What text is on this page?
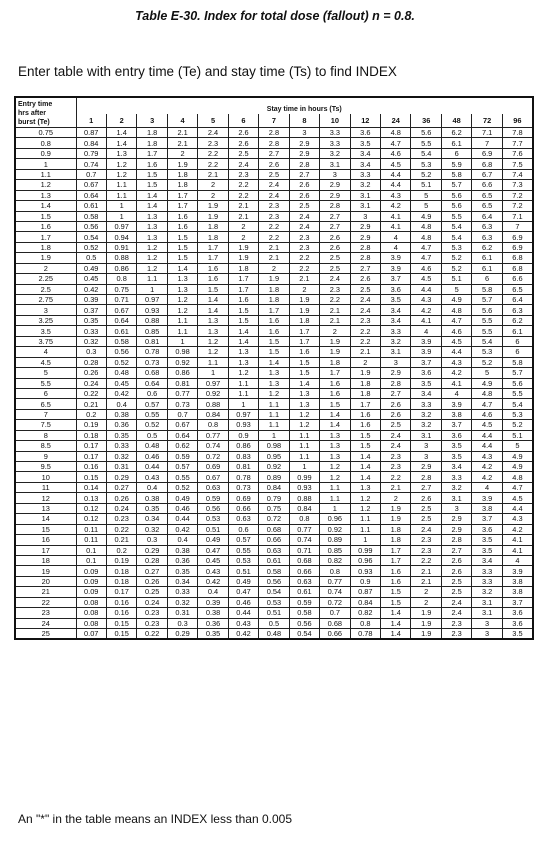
Table E-30. Index for total dose (fallout) n = 0.8.
Enter table with entry time (Te) and stay time (Ts) to find INDEX
Entry time
hrs after
burst (Te)	Stay time in hours (Ts)														
	1	2	3	4	5	6	7	8	10	12	24	36	48	72	96
0.75	0.87	1.4	1.8	2.1	2.4	2.6	2.8	3	3.3	3.6	4.8	5.6	6.2	7.1	7.8
0.8	0.84	1.4	1.8	2.1	2.3	2.6	2.8	2.9	3.3	3.5	4.7	5.5	6.1	7	7.7
0.9	0.79	1.3	1.7	2	2.2	2.5	2.7	2.9	3.2	3.4	4.6	5.4	6	6.9	7.6
1	0.74	1.2	1.6	1.9	2.2	2.4	2.6	2.8	3.1	3.4	4.5	5.3	5.9	6.8	7.5
1.1	0.7	1.2	1.5	1.8	2.1	2.3	2.5	2.7	3	3.3	4.4	5.2	5.8	6.7	7.4
1.2	0.67	1.1	1.5	1.8	2	2.2	2.4	2.6	2.9	3.2	4.4	5.1	5.7	6.6	7.3
1.3	0.64	1.1	1.4	1.7	2	2.2	2.4	2.6	2.9	3.1	4.3	5	5.6	6.5	7.2
1.4	0.61	1	1.4	1.7	1.9	2.1	2.3	2.5	2.8	3.1	4.2	5	5.6	6.5	7.2
1.5	0.58	1	1.3	1.6	1.9	2.1	2.3	2.4	2.7	3	4.1	4.9	5.5	6.4	7.1
1.6	0.56	0.97	1.3	1.6	1.8	2	2.2	2.4	2.7	2.9	4.1	4.8	5.4	6.3	7
1.7	0.54	0.94	1.3	1.5	1.8	2	2.2	2.3	2.6	2.9	4	4.8	5.4	6.3	6.9
1.8	0.52	0.91	1.2	1.5	1.7	1.9	2.1	2.3	2.6	2.8	4	4.7	5.3	6.2	6.9
1.9	0.5	0.88	1.2	1.5	1.7	1.9	2.1	2.2	2.5	2.8	3.9	4.7	5.2	6.1	6.8
2	0.49	0.86	1.2	1.4	1.6	1.8	2	2.2	2.5	2.7	3.9	4.6	5.2	6.1	6.8
2.25	0.45	0.8	1.1	1.3	1.6	1.7	1.9	2.1	2.4	2.6	3.7	4.5	5.1	6	6.6
2.5	0.42	0.75	1	1.3	1.5	1.7	1.8	2	2.3	2.5	3.6	4.4	5	5.8	6.5
2.75	0.39	0.71	0.97	1.2	1.4	1.6	1.8	1.9	2.2	2.4	3.5	4.3	4.9	5.7	6.4
3	0.37	0.67	0.93	1.2	1.4	1.5	1.7	1.9	2.1	2.4	3.4	4.2	4.8	5.6	6.3
3.25	0.35	0.64	0.88	1.1	1.3	1.5	1.6	1.8	2.1	2.3	3.4	4.1	4.7	5.5	6.2
3.5	0.33	0.61	0.85	1.1	1.3	1.4	1.6	1.7	2	2.2	3.3	4	4.6	5.5	6.1
3.75	0.32	0.58	0.81	1	1.2	1.4	1.5	1.7	1.9	2.2	3.2	3.9	4.5	5.4	6
4	0.3	0.56	0.78	0.98	1.2	1.3	1.5	1.6	1.9	2.1	3.1	3.9	4.4	5.3	6
4.5	0.28	0.52	0.73	0.92	1.1	1.3	1.4	1.5	1.8	2	3	3.7	4.3	5.2	5.8
5	0.26	0.48	0.68	0.86	1	1.2	1.3	1.5	1.7	1.9	2.9	3.6	4.2	5	5.7
5.5	0.24	0.45	0.64	0.81	0.97	1.1	1.3	1.4	1.6	1.8	2.8	3.5	4.1	4.9	5.6
6	0.22	0.42	0.6	0.77	0.92	1.1	1.2	1.3	1.6	1.8	2.7	3.4	4	4.8	5.5
6.5	0.21	0.4	0.57	0.73	0.88	1	1.1	1.3	1.5	1.7	2.6	3.3	3.9	4.7	5.4
7	0.2	0.38	0.55	0.7	0.84	0.97	1.1	1.2	1.4	1.6	2.6	3.2	3.8	4.6	5.3
7.5	0.19	0.36	0.52	0.67	0.8	0.93	1.1	1.2	1.4	1.6	2.5	3.2	3.7	4.5	5.2
8	0.18	0.35	0.5	0.64	0.77	0.9	1	1.1	1.3	1.5	2.4	3.1	3.6	4.4	5.1
8.5	0.17	0.33	0.48	0.62	0.74	0.86	0.98	1.1	1.3	1.5	2.4	3	3.5	4.4	5
9	0.17	0.32	0.46	0.59	0.72	0.83	0.95	1.1	1.3	1.4	2.3	3	3.5	4.3	4.9
9.5	0.16	0.31	0.44	0.57	0.69	0.81	0.92	1	1.2	1.4	2.3	2.9	3.4	4.2	4.9
10	0.15	0.29	0.43	0.55	0.67	0.78	0.89	0.99	1.2	1.4	2.2	2.8	3.3	4.2	4.8
11	0.14	0.27	0.4	0.52	0.63	0.73	0.84	0.93	1.1	1.3	2.1	2.7	3.2	4	4.7
12	0.13	0.26	0.38	0.49	0.59	0.69	0.79	0.88	1.1	1.2	2	2.6	3.1	3.9	4.5
13	0.12	0.24	0.35	0.46	0.56	0.66	0.75	0.84	1	1.2	1.9	2.5	3	3.8	4.4
14	0.12	0.23	0.34	0.44	0.53	0.63	0.72	0.8	0.96	1.1	1.9	2.5	2.9	3.7	4.3
15	0.11	0.22	0.32	0.42	0.51	0.6	0.68	0.77	0.92	1.1	1.8	2.4	2.9	3.6	4.2
16	0.11	0.21	0.3	0.4	0.49	0.57	0.66	0.74	0.89	1	1.8	2.3	2.8	3.5	4.1
17	0.1	0.2	0.29	0.38	0.47	0.55	0.63	0.71	0.85	0.99	1.7	2.3	2.7	3.5	4.1
18	0.1	0.19	0.28	0.36	0.45	0.53	0.61	0.68	0.82	0.96	1.7	2.2	2.6	3.4	4
19	0.09	0.18	0.27	0.35	0.43	0.51	0.58	0.66	0.8	0.93	1.6	2.1	2.6	3.3	3.9
20	0.09	0.18	0.26	0.34	0.42	0.49	0.56	0.63	0.77	0.9	1.6	2.1	2.5	3.3	3.8
21	0.09	0.17	0.25	0.33	0.4	0.47	0.54	0.61	0.74	0.87	1.5	2	2.5	3.2	3.8
22	0.08	0.16	0.24	0.32	0.39	0.46	0.53	0.59	0.72	0.84	1.5	2	2.4	3.1	3.7
23	0.08	0.16	0.23	0.31	0.38	0.44	0.51	0.58	0.7	0.82	1.4	1.9	2.4	3.1	3.6
24	0.08	0.15	0.23	0.3	0.36	0.43	0.5	0.56	0.68	0.8	1.4	1.9	2.3	3	3.6
25	0.07	0.15	0.22	0.29	0.35	0.42	0.48	0.54	0.66	0.78	1.4	1.9	2.3	3	3.5
An "*" in the table means an INDEX less than 0.005
